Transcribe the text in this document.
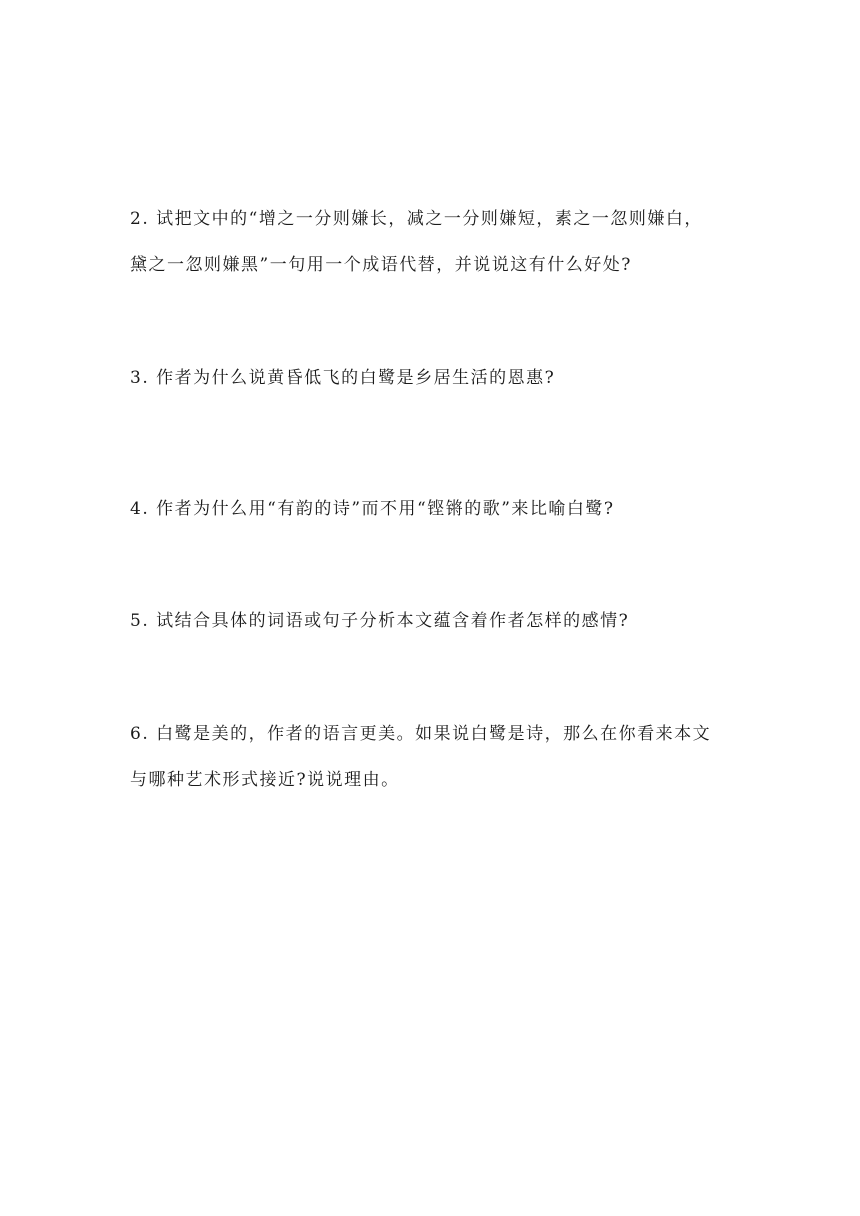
2. 试把文中的“增之一分则嫌长，减之一分则嫌短，素之一忽则嫌白，
黛之一忽则嫌黑”一句用一个成语代替，并说说这有什么好处?
3. 作者为什么说黄昏低飞的白鹭是乡居生活的恩惠?
4. 作者为什么用“有韵的诗”而不用“铿锵的歌”来比喻白鹭?
5. 试结合具体的词语或句子分析本文蕴含着作者怎样的感情?
6. 白鹭是美的，作者的语言更美。如果说白鹭是诗，那么在你看来本文
与哪种艺术形式接近?说说理由。
